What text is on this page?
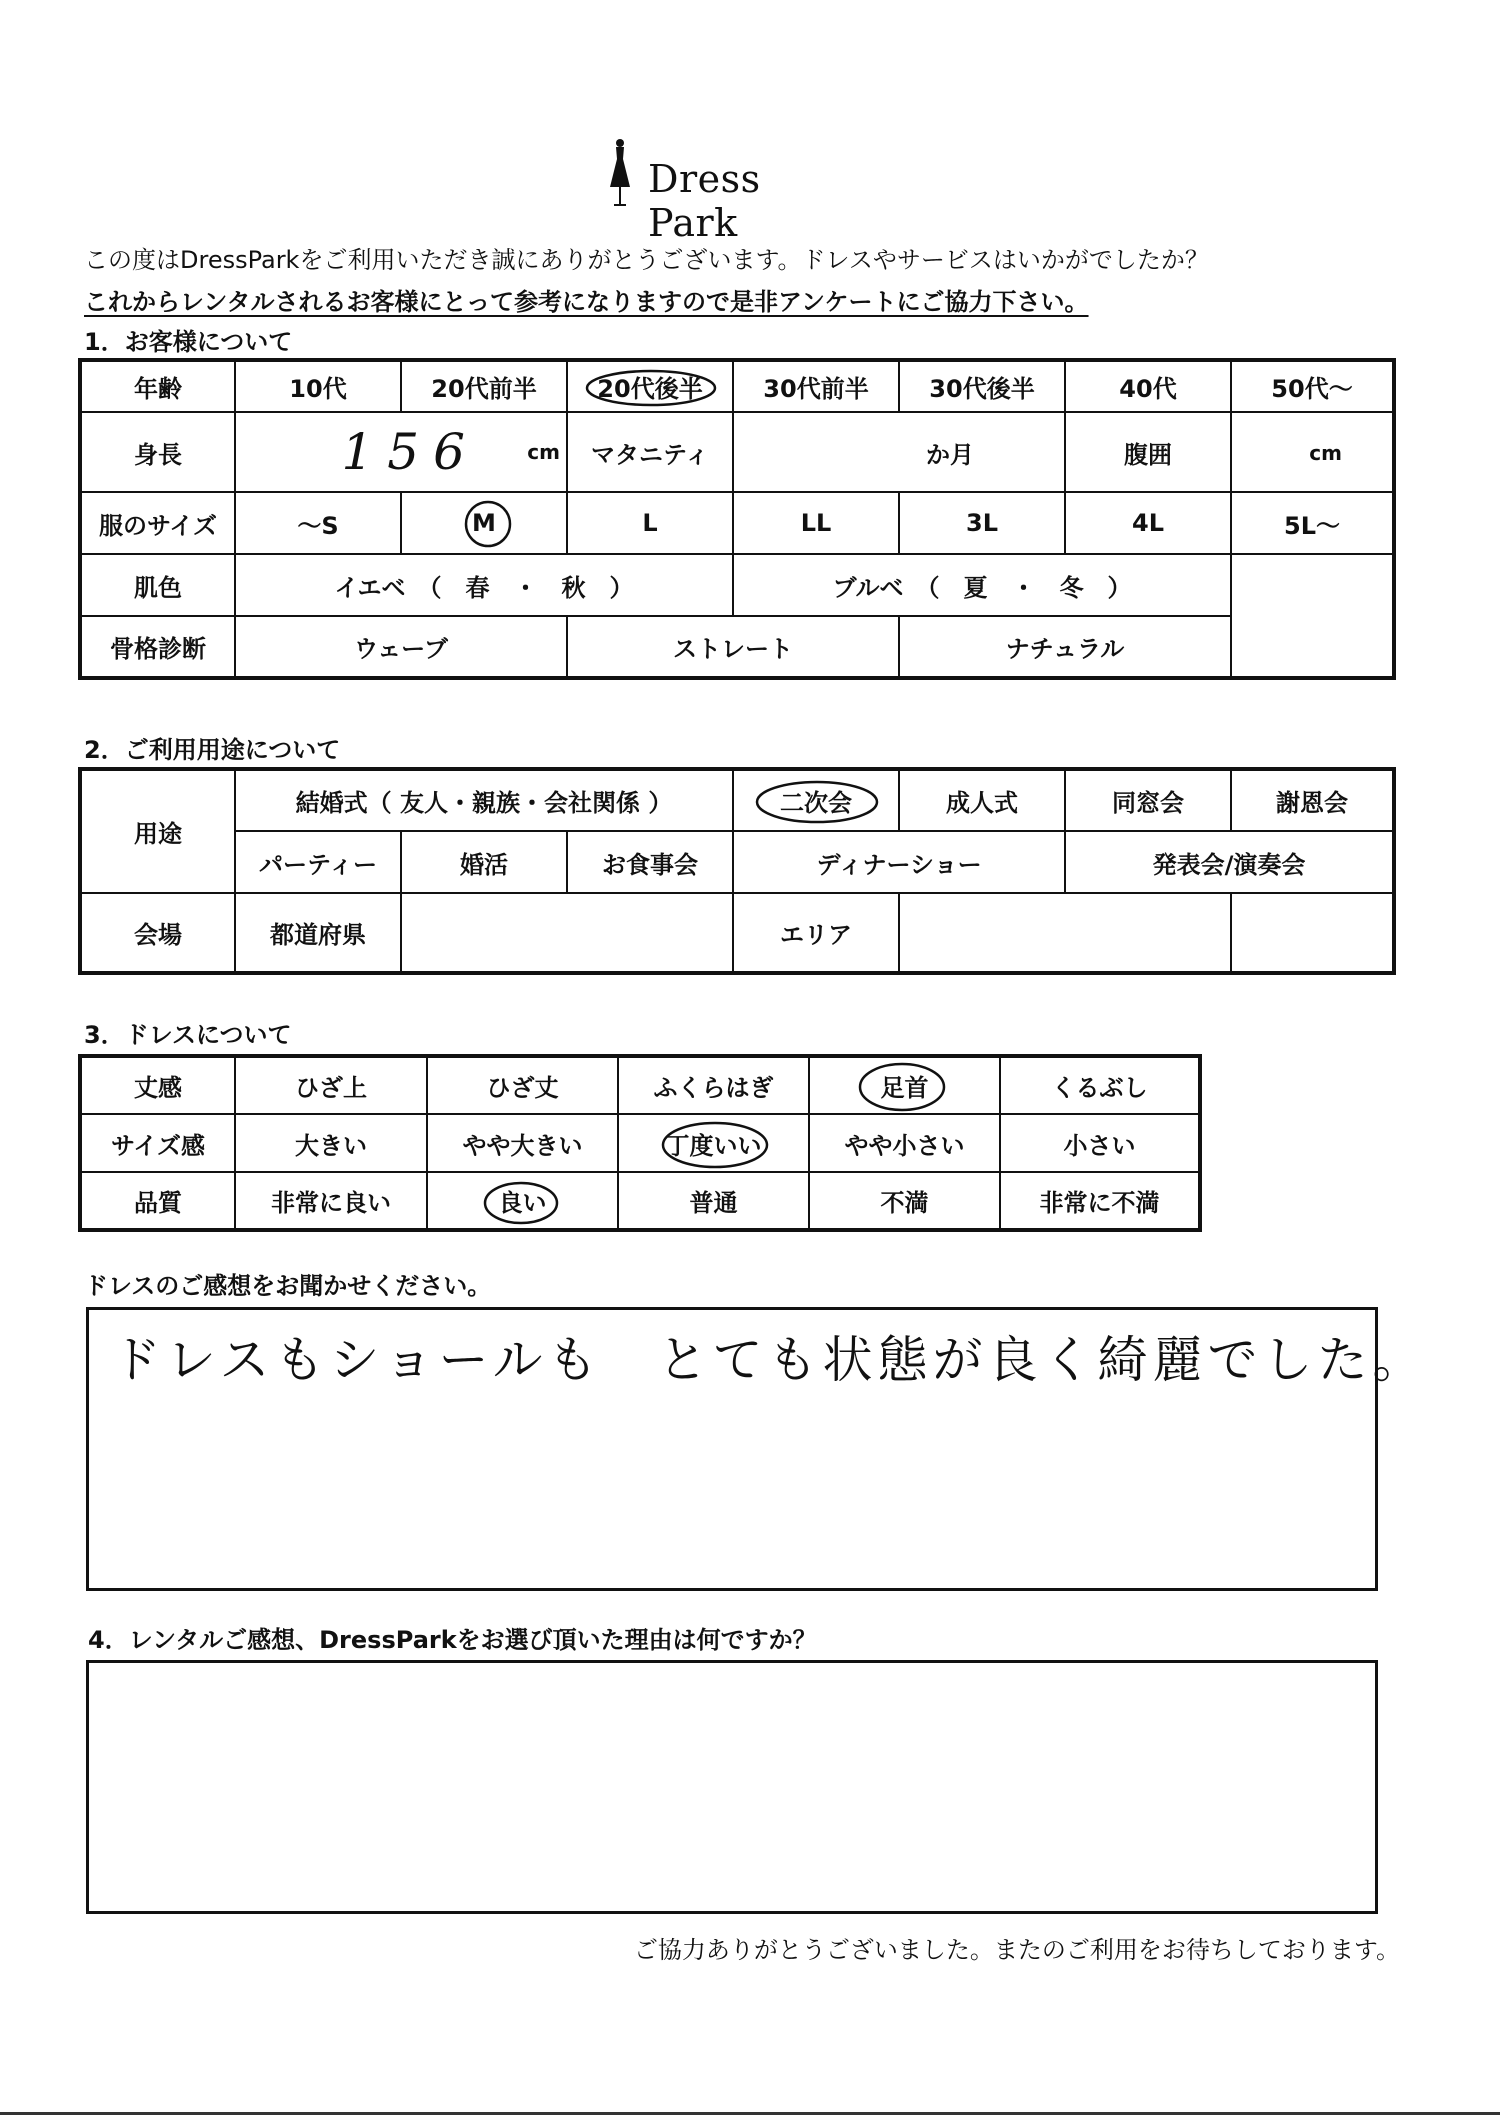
Dress Park
この度はDressParkをご利用いただき誠にありがとうございます。ドレスやサービスはいかがでしたか？
これからレンタルされるお客様にとって参考になりますので是非アンケートにご協力下さい。
1．お客様について
年齢	10代	20代前半	20代後半	30代前半	30代後半	40代	50代～
身長	156 $^{cm}$		マタニティ	か月		腹囲	cm
服のサイズ	～S	M	L	LL	3L	4L	5L～
肌色	イエベ　（　春　・　秋　）			ブルベ　（　夏　・　冬　）			
骨格診断	ウェーブ		ストレート		ナチュラル		
2．ご利用用途について
用途	結婚式（ 友人・親族・会社関係 ）			二次会	成人式	同窓会	謝恩会
	パーティー	婚活	お食事会	ディナーショー		発表会/演奏会	
会場	都道府県			エリア			
3．ドレスについて
丈感	ひざ上	ひざ丈	ふくらはぎ	足首	くるぶし
サイズ感	大きい	やや大きい	丁度いい	やや小さい	小さい
品質	非常に良い	良い	普通	不満	非常に不満
ドレスのご感想をお聞かせください。
ドレスもショールも　とても状態が良く綺麗でした。
4．レンタルご感想、DressParkをお選び頂いた理由は何ですか？
ご協力ありがとうございました。またのご利用をお待ちしております。
